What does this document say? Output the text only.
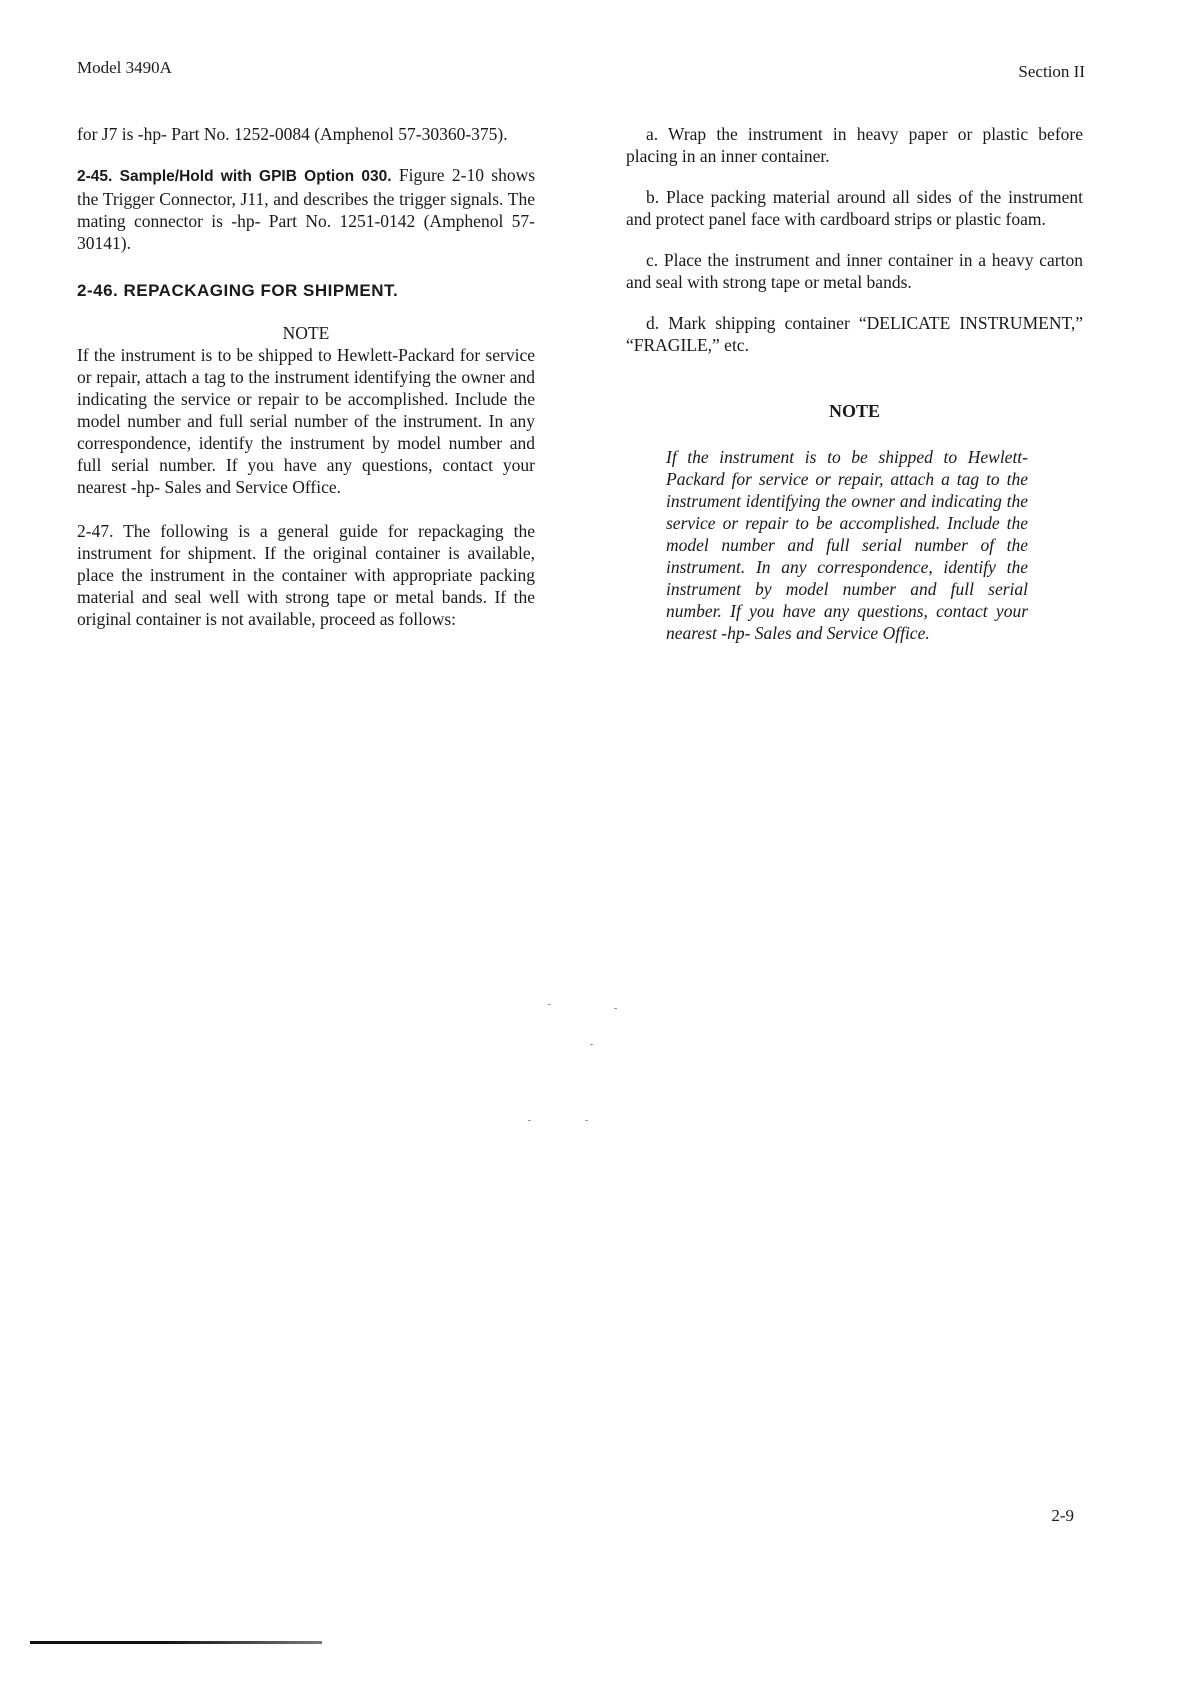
Model 3490A	Section II

for J7 is -hp- Part No. 1252-0084 (Amphenol 57-30360-375).

2-45. Sample/Hold with GPIB Option 030. Figure 2-10 shows the Trigger Connector, J11, and describes the trigger signals. The mating connector is -hp- Part No. 1251-0142 (Amphenol 57-30141).

2-46. REPACKAGING FOR SHIPMENT.
NOTE

If the instrument is to be shipped to Hewlett-Packard for service or repair, attach a tag to the instrument identifying the owner and indicating the service or repair to be accomplished. Include the model number and full serial number of the instrument. In any correspondence, identify the instrument by model number and full serial number. If you have any questions, contact your nearest -hp- Sales and Service Office.

2-47. The following is a general guide for repackaging the instrument for shipment. If the original container is available, place the instrument in the container with appropriate packing material and seal well with strong tape or metal bands. If the original container is not available, proceed as follows:

a. Wrap the instrument in heavy paper or plastic before placing in an inner container.

b. Place packing material around all sides of the instrument and protect panel face with cardboard strips or plastic foam.

c. Place the instrument and inner container in a heavy carton and seal with strong tape or metal bands.

d. Mark shipping container “DELICATE INSTRUMENT,” “FRAGILE,” etc.

NOTE

If the instrument is to be shipped to Hewlett-Packard for service or repair, attach a tag to the instrument identifying the owner and indicating the service or repair to be accomplished. Include the model number and full serial number of the instrument. In any correspondence, identify the instrument by model number and full serial number. If you have any questions, contact your nearest -hp- Sales and Service Office.

2-9
